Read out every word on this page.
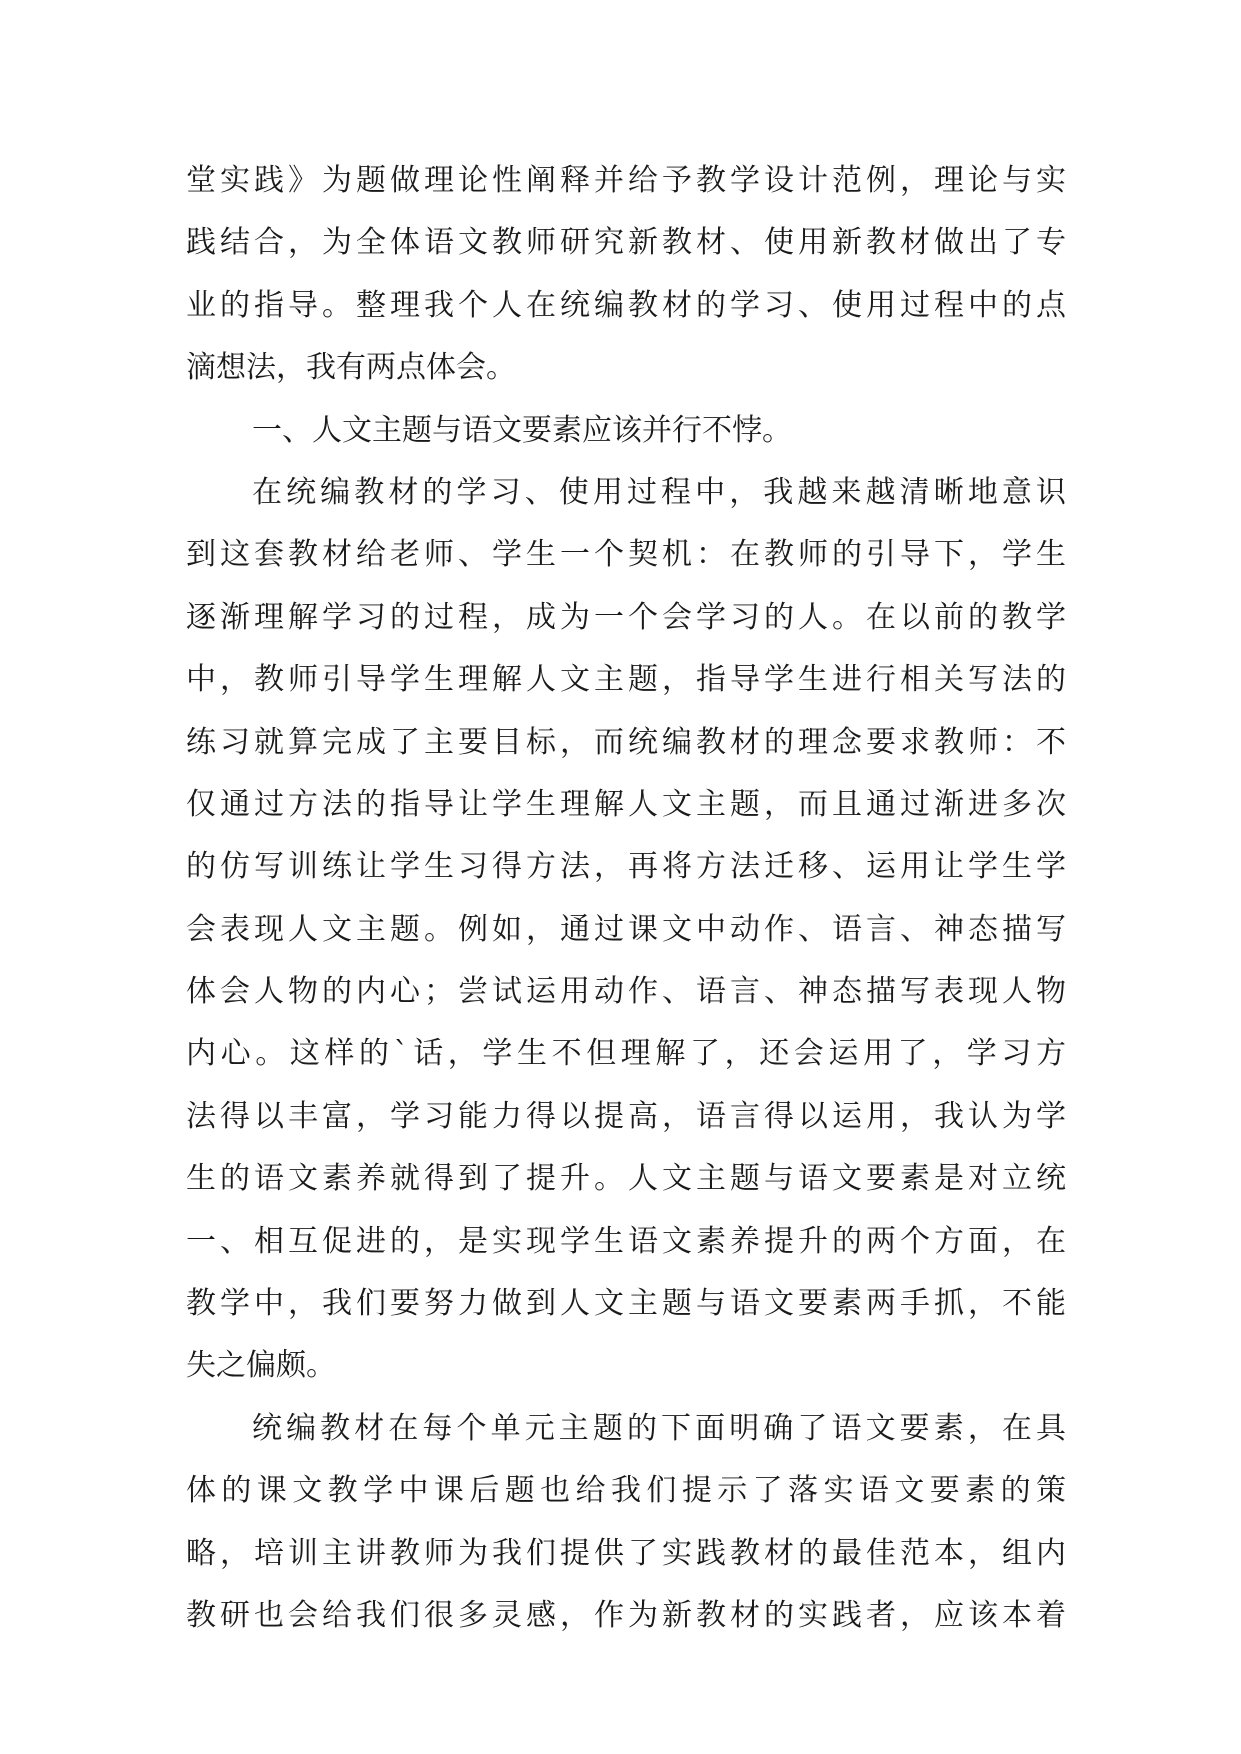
堂实践》为题做理论性阐释并给予教学设计范例，理论与实
践结合，为全体语文教师研究新教材、使用新教材做出了专
业的指导。整理我个人在统编教材的学习、使用过程中的点
滴想法，我有两点体会。
一、人文主题与语文要素应该并行不悖。
在统编教材的学习、使用过程中，我越来越清晰地意识
到这套教材给老师、学生一个契机：在教师的引导下，学生
逐渐理解学习的过程，成为一个会学习的人。在以前的教学
中，教师引导学生理解人文主题，指导学生进行相关写法的
练习就算完成了主要目标，而统编教材的理念要求教师：不
仅通过方法的指导让学生理解人文主题，而且通过渐进多次
的仿写训练让学生习得方法，再将方法迁移、运用让学生学
会表现人文主题。例如，通过课文中动作、语言、神态描写
体会人物的内心；尝试运用动作、语言、神态描写表现人物
内心。这样的`话，学生不但理解了，还会运用了，学习方
法得以丰富，学习能力得以提高，语言得以运用，我认为学
生的语文素养就得到了提升。人文主题与语文要素是对立统
一、相互促进的，是实现学生语文素养提升的两个方面，在
教学中，我们要努力做到人文主题与语文要素两手抓，不能
失之偏颇。
统编教材在每个单元主题的下面明确了语文要素，在具
体的课文教学中课后题也给我们提示了落实语文要素的策
略，培训主讲教师为我们提供了实践教材的最佳范本，组内
教研也会给我们很多灵感，作为新教材的实践者，应该本着
